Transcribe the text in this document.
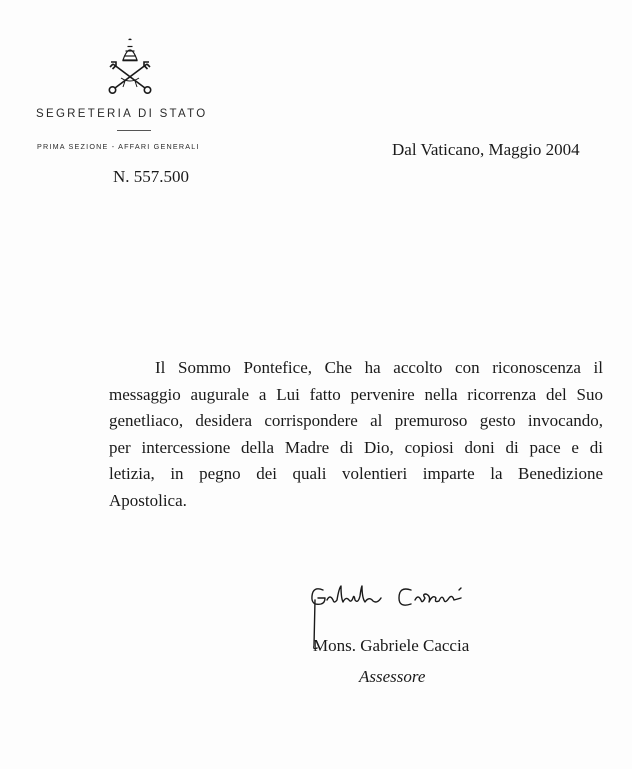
SEGRETERIA DI STATO
PRIMA SEZIONE - AFFARI GENERALI
N. 557.500
Dal Vaticano, Maggio 2004
Il Sommo Pontefice, Che ha accolto con riconoscenza il
messaggio augurale a Lui fatto pervenire nella ricorrenza del Suo
genetliaco, desidera corrispondere al premuroso gesto invocando,
per intercessione della Madre di Dio, copiosi doni di pace e di
letizia, in pegno dei quali volentieri imparte la Benedizione
Apostolica.
Mons. Gabriele Caccia
Assessore
